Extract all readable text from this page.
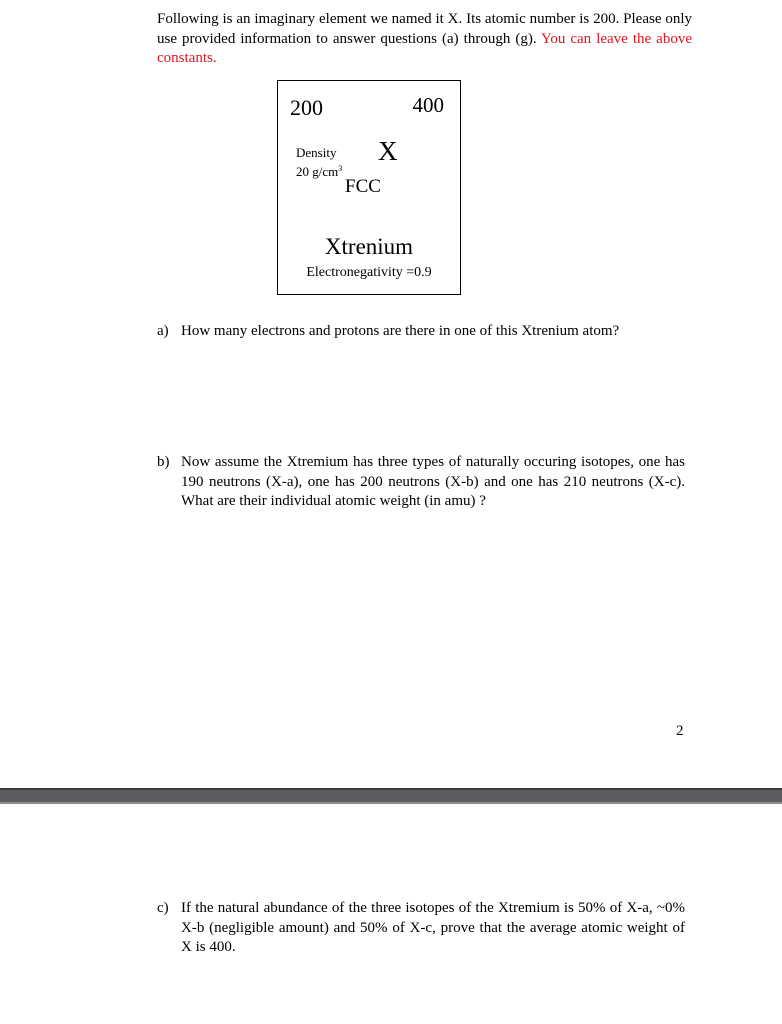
Following is an imaginary element we named it X. Its atomic number is 200. Please only use provided information to answer questions (a) through (g). You can leave the above constants.
200	400
Density
20 $g/cm^3$
X
FCC
Xtrenium
Electronegativity =0.9
a) How many electrons and protons are there in one of this Xtrenium atom?
b) Now assume the Xtremium has three types of naturally occuring isotopes, one has 190 neutrons (X-a), one has 200 neutrons (X-b) and one has 210 neutrons (X-c). What are their individual atomic weight (in amu) ?
2
c) If the natural abundance of the three isotopes of the Xtremium is 50% of X-a, ~0% X-b (negligible amount) and 50% of X-c, prove that the average atomic weight of X is 400.
